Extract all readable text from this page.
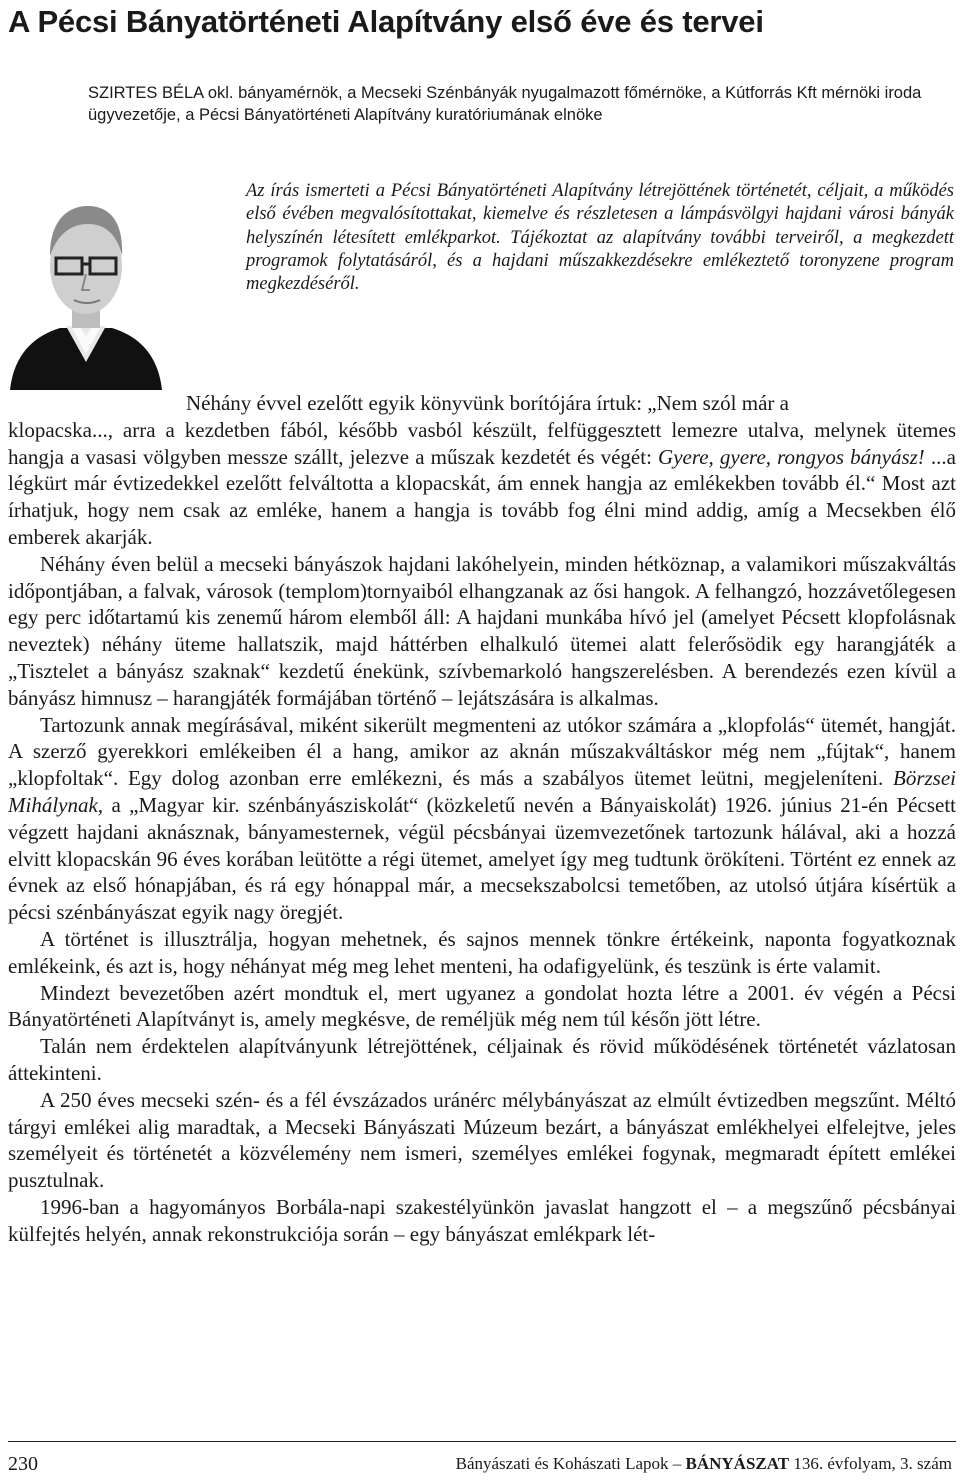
A Pécsi Bányatörténeti Alapítvány első éve és tervei
SZIRTES BÉLA okl. bányamérnök, a Mecseki Szénbányák nyugalmazott főmérnöke, a Kútforrás Kft mérnöki iroda ügyvezetője, a Pécsi Bányatörténeti Alapítvány kuratóriumának elnöke

Az írás ismerteti a Pécsi Bányatörténeti Alapítvány létrejöttének történetét, céljait, a működés első évében megvalósítottakat, kiemelve és részletesen a lámpásvölgyi hajdani városi bányák helyszínén létesített emlékparkot. Tájékoztat az alapítvány további terveiről, a megkezdett programok folytatásáról, és a hajdani műszakkezdésekre emlékeztető toronyzene program megkezdéséről.

Néhány évvel ezelőtt egyik könyvünk borítójára írtuk: „Nem szól már a
klopacska..., arra a kezdetben fából, később vasból készült, felfüggesztett lemezre utalva, melynek ütemes hangja a vasasi völgyben messze szállt, jelezve a műszak kezdetét és végét: Gyere, gyere, rongyos bányász! ...a légkürt már évtizedekkel ezelőtt felváltotta a klopacskát, ám ennek hangja az emlékekben tovább él.“ Most azt írhatjuk, hogy nem csak az emléke, hanem a hangja is tovább fog élni mind addig, amíg a Mecsekben élő emberek akarják.

Néhány éven belül a mecseki bányászok hajdani lakóhelyein, minden hétköznap, a valamikori műszakváltás időpontjában, a falvak, városok (templom)tornyaiból elhangzanak az ősi hangok. A felhangzó, hozzávetőlegesen egy perc időtartamú kis zenemű három elemből áll: A hajdani munkába hívó jel (amelyet Pécsett klopfolásnak neveztek) néhány üteme hallatszik, majd háttérben elhalkuló ütemei alatt felerősödik egy harangjáték a „Tisztelet a bányász szaknak“ kezdetű énekünk, szívbemarkoló hangszerelésben. A berendezés ezen kívül a bányász himnusz – harangjáték formájában történő – lejátszására is alkalmas.

Tartozunk annak megírásával, miként sikerült megmenteni az utókor számára a „klopfolás“ ütemét, hangját. A szerző gyerekkori emlékeiben él a hang, amikor az aknán műszakváltáskor még nem „fújtak“, hanem „klopfoltak“. Egy dolog azonban erre emlékezni, és más a szabályos ütemet leütni, megjeleníteni. Börzsei Mihálynak, a „Magyar kir. szénbányásziskolát“ (közkeletű nevén a Bányaiskolát) 1926. június 21-én Pécsett végzett hajdani aknásznak, bányamesternek, végül pécsbányai üzemvezetőnek tartozunk hálával, aki a hozzá elvitt klopacskán 96 éves korában leütötte a régi ütemet, amelyet így meg tudtunk örökíteni. Történt ez ennek az évnek az első hónapjában, és rá egy hónappal már, a mecsekszabolcsi temetőben, az utolsó útjára kísértük a pécsi szénbányászat egyik nagy öregjét.

A történet is illusztrálja, hogyan mehetnek, és sajnos mennek tönkre értékeink, naponta fogyatkoznak emlékeink, és azt is, hogy néhányat még meg lehet menteni, ha odafigyelünk, és teszünk is érte valamit.

Mindezt bevezetőben azért mondtuk el, mert ugyanez a gondolat hozta létre a 2001. év végén a Pécsi Bányatörténeti Alapítványt is, amely megkésve, de reméljük még nem túl későn jött létre.

Talán nem érdektelen alapítványunk létrejöttének, céljainak és rövid működésének történetét vázlatosan áttekinteni.

A 250 éves mecseki szén- és a fél évszázados uránérc mélybányászat az elmúlt évtizedben megszűnt. Méltó tárgyi emlékei alig maradtak, a Mecseki Bányászati Múzeum bezárt, a bányászat emlékhelyei elfelejtve, jeles személyeit és történetét a közvélemény nem ismeri, személyes emlékei fogynak, megmaradt épített emlékei pusztulnak.

1996-ban a hagyományos Borbála-napi szakestélyünkön javaslat hangzott el – a megszűnő pécsbányai külfejtés helyén, annak rekonstrukciója során – egy bányászat emlékpark lét-

230	Bányászati és Kohászati Lapok – BÁNYÁSZAT 136. évfolyam, 3. szám
